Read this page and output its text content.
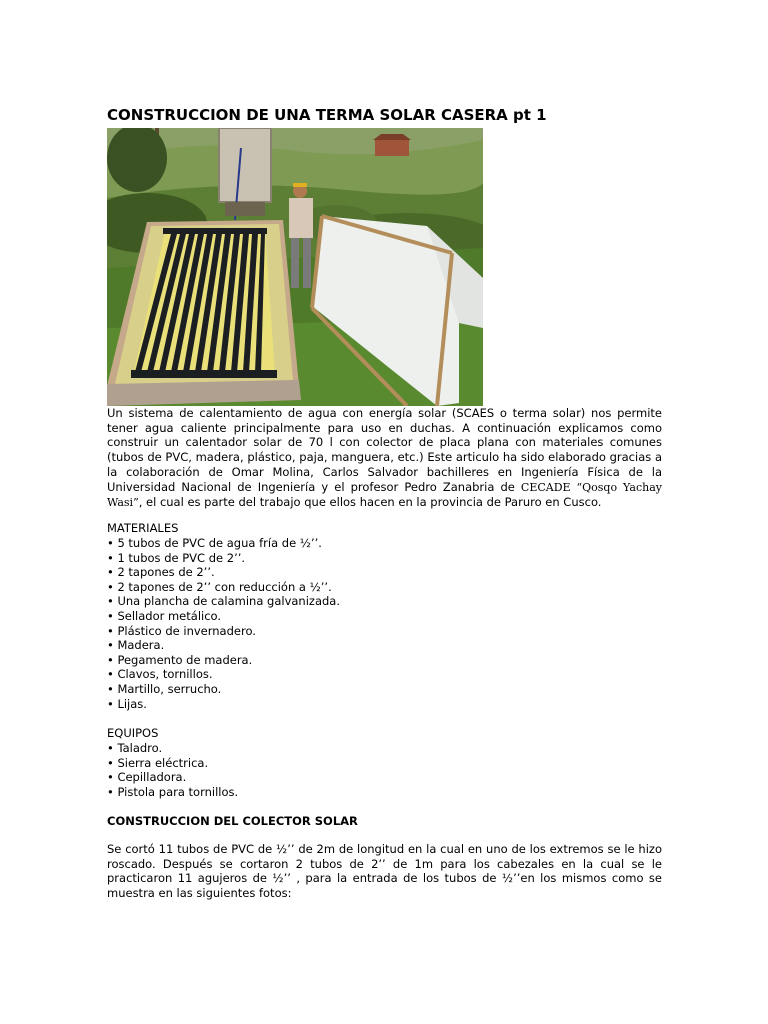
CONSTRUCCION DE UNA TERMA SOLAR CASERA pt 1

Un sistema de calentamiento de agua con energía solar (SCAES o terma solar) nos permite tener agua caliente principalmente para uso en duchas. A continuación explicamos como construir un calentador solar de 70 l con colector de placa plana con materiales comunes (tubos de PVC, madera, plástico, paja, manguera, etc.) Este articulo ha sido elaborado gracias a la colaboración de Omar Molina, Carlos Salvador bachilleres en Ingeniería Física de la Universidad Nacional de Ingeniería y el profesor Pedro Zanabria de CECADE “Qosqo Yachay Wasi”, el cual es parte del trabajo que ellos hacen en la provincia de Paruro en Cusco.

MATERIALES

• 5 tubos de PVC de agua fría de ½’’.
• 1 tubos de PVC de 2’’.
• 2 tapones de 2’’.
• 2 tapones de 2’’ con reducción a ½’’.
• Una plancha de calamina galvanizada.
• Sellador metálico.
• Plástico de invernadero.
• Madera.
• Pegamento de madera.
• Clavos, tornillos.
• Martillo, serrucho.
• Lijas.

EQUIPOS

• Taladro.
• Sierra eléctrica.
• Cepilladora.
• Pistola para tornillos.

CONSTRUCCION DEL COLECTOR SOLAR

Se cortó 11 tubos de PVC de ½’’ de 2m de longitud en la cual en uno de los extremos se le hizo roscado. Después se cortaron 2 tubos de 2’’ de 1m para los cabezales en la cual se le practicaron 11 agujeros de ½’’ , para la entrada de los tubos de ½’’en los mismos como se muestra en las siguientes fotos:
